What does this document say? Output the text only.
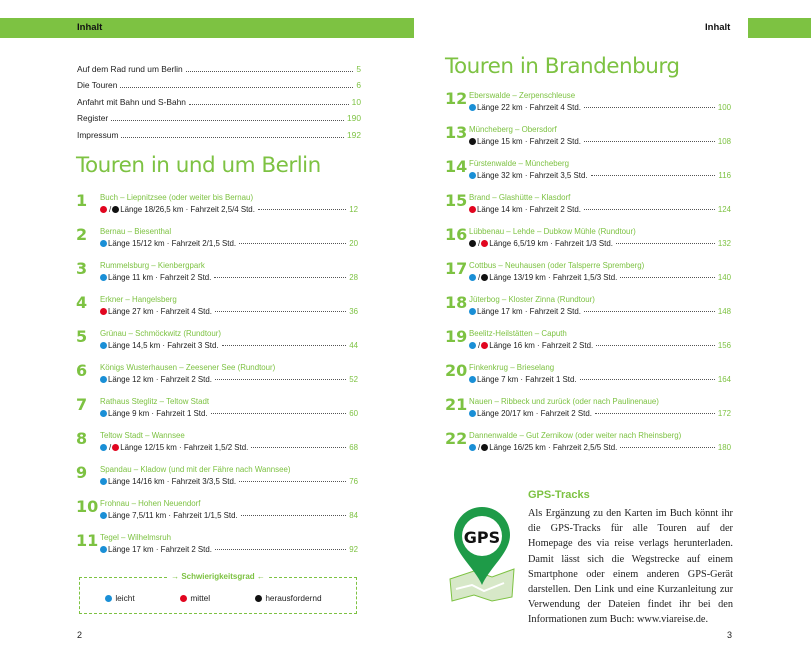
Inhalt	Inhalt
Auf dem Rad rund um Berlin	5
Die Touren	6
Anfahrt mit Bahn und S-Bahn	10
Register	190
Impressum	192
Touren in und um Berlin
Touren in Brandenburg
1 Buch – Liepnitzsee (oder weiter bis Bernau)
/ Länge 18/26,5 km · Fahrzeit 2,5/4 Std.	12
2 Bernau – Biesenthal
Länge 15/12 km · Fahrzeit 2/1,5 Std.	20
3 Rummelsburg – Kienbergpark
Länge 11 km · Fahrzeit 2 Std.	28
4 Erkner – Hangelsberg
Länge 27 km · Fahrzeit 4 Std.	36
5 Grünau – Schmöckwitz (Rundtour)
Länge 14,5 km · Fahrzeit 3 Std.	44
6 Königs Wusterhausen – Zeesener See (Rundtour)
Länge 12 km · Fahrzeit 2 Std.	52
7 Rathaus Steglitz – Teltow Stadt
Länge 9 km · Fahrzeit 1 Std.	60
8 Teltow Stadt – Wannsee
/ Länge 12/15 km · Fahrzeit 1,5/2 Std.	68
9 Spandau – Kladow (und mit der Fähre nach Wannsee)
Länge 14/16 km · Fahrzeit 3/3,5 Std.	76
10 Frohnau – Hohen Neuendorf
Länge 7,5/11 km · Fahrzeit 1/1,5 Std.	84
11 Tegel – Wilhelmsruh
Länge 17 km · Fahrzeit 2 Std.	92
12 Eberswalde – Zerpenschleuse
Länge 22 km · Fahrzeit 4 Std.	100
13 Müncheberg – Obersdorf
Länge 15 km · Fahrzeit 2 Std.	108
14 Fürstenwalde – Müncheberg
Länge 32 km · Fahrzeit 3,5 Std.	116
15 Brand – Glashütte – Klasdorf
Länge 14 km · Fahrzeit 2 Std.	124
16 Lübbenau – Lehde – Dubkow Mühle (Rundtour)
/ Länge 6,5/19 km · Fahrzeit 1/3 Std.	132
17 Cottbus – Neuhausen (oder Talsperre Spremberg)
/ Länge 13/19 km · Fahrzeit 1,5/3 Std.	140
18 Jüterbog – Kloster Zinna (Rundtour)
Länge 17 km · Fahrzeit 2 Std.	148
19 Beelitz-Heilstätten – Caputh
/ Länge 16 km · Fahrzeit 2 Std.	156
20 Finkenkrug – Brieselang
Länge 7 km · Fahrzeit 1 Std.	164
21 Nauen – Ribbeck und zurück (oder nach Paulinenaue)
Länge 20/17 km · Fahrzeit 2 Std.	172
22 Dannenwalde – Gut Zernikow (oder weiter nach Rheinsberg)
/ Länge 16/25 km · Fahrzeit 2,5/5 Std.	180
→ Schwierigkeitsgrad ←

leicht
	mittel
	herausfordernd
GPS
GPS-Tracks
Als Ergänzung zu den Karten im Buch könnt ihr die GPS-Tracks für alle Touren auf der Homepage des via reise verlags herunterladen. Damit lässt sich die Wegstrecke auf einem Smartphone oder einem anderen GPS-Gerät darstellen. Den Link und eine Kurzanleitung zur Verwendung der Dateien findet ihr bei den Informationen zum Buch: www.viareise.de.
2	3
